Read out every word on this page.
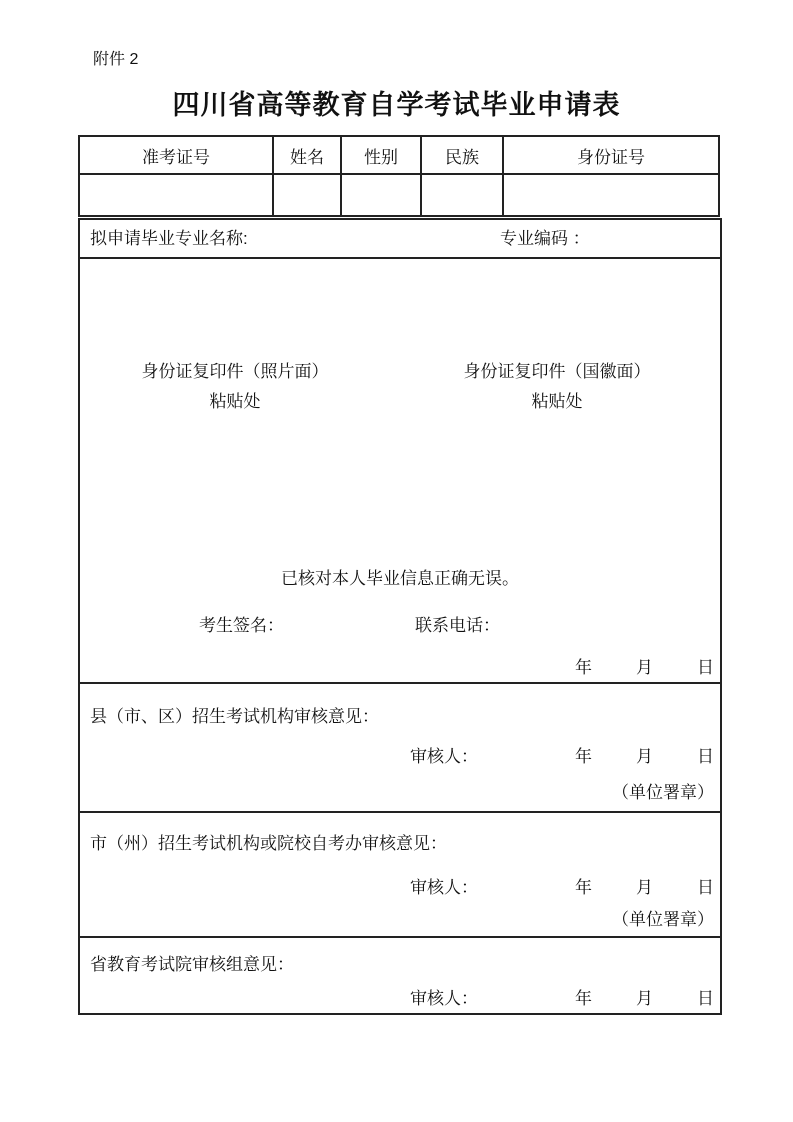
附件 2
四川省高等教育自学考试毕业申请表
准考证号	姓名	性别	民族	身份证号

拟申请毕业专业名称:	专业编码 ：
身份证复印件（照片面）
粘贴处
身份证复印件（国徽面）
粘贴处
已核对本人毕业信息正确无误。
考生签名：	联系电话：
年	月	日
县（市、区）招生考试机构审核意见：
审核人：	年	月	日
（单位署章）
市（州）招生考试机构或院校自考办审核意见：
审核人：	年	月	日
（单位署章）
省教育考试院审核组意见：
审核人：	年	月	日
